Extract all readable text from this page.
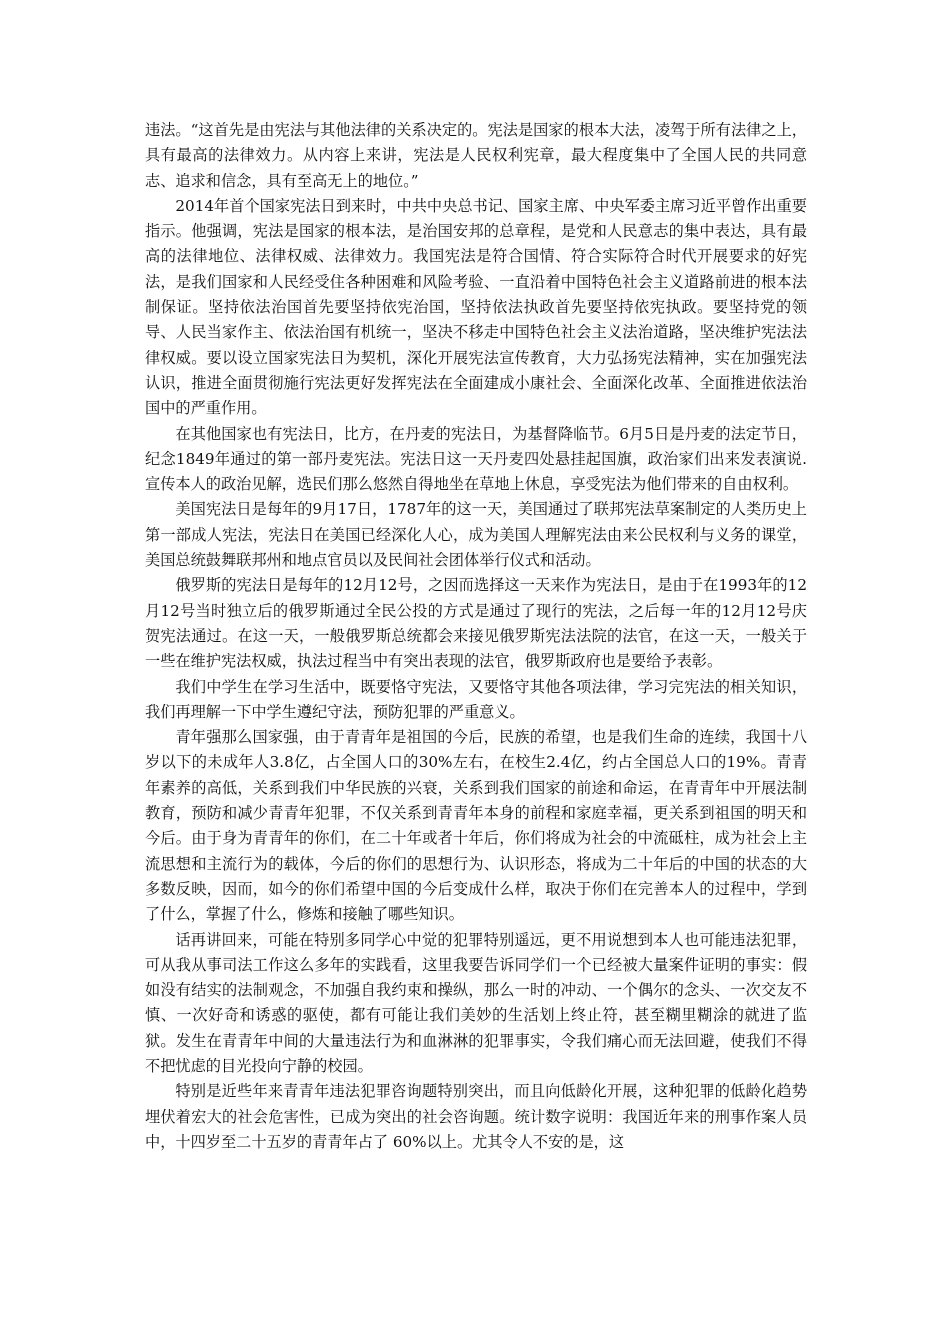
违法。“这首先是由宪法与其他法律的关系决定的。宪法是国家的根本大法，凌驾于所有法律之上，具有最高的法律效力。从内容上来讲，宪法是人民权利宪章，最大程度集中了全国人民的共同意志、追求和信念，具有至高无上的地位。”

2014年首个国家宪法日到来时，中共中央总书记、国家主席、中央军委主席习近平曾作出重要指示。他强调，宪法是国家的根本法，是治国安邦的总章程，是党和人民意志的集中表达，具有最高的法律地位、法律权威、法律效力。我国宪法是符合国情、符合实际符合时代开展要求的好宪法，是我们国家和人民经受住各种困难和风险考验、一直沿着中国特色社会主义道路前进的根本法制保证。坚持依法治国首先要坚持依宪治国，坚持依法执政首先要坚持依宪执政。要坚持党的领导、人民当家作主、依法治国有机统一，坚决不移走中国特色社会主义法治道路，坚决维护宪法法律权威。要以设立国家宪法日为契机，深化开展宪法宣传教育，大力弘扬宪法精神，实在加强宪法认识，推进全面贯彻施行宪法更好发挥宪法在全面建成小康社会、全面深化改革、全面推进依法治国中的严重作用。

在其他国家也有宪法日，比方，在丹麦的宪法日，为基督降临节。6月5日是丹麦的法定节日，纪念1849年通过的第一部丹麦宪法。宪法日这一天丹麦四处悬挂起国旗，政治家们出来发表演说.宣传本人的政治见解，选民们那么悠然自得地坐在草地上休息，享受宪法为他们带来的自由权利。

美国宪法日是每年的9月17日，1787年的这一天，美国通过了联邦宪法草案制定的人类历史上第一部成人宪法，宪法日在美国已经深化人心，成为美国人理解宪法由来公民权利与义务的课堂，美国总统鼓舞联邦州和地点官员以及民间社会团体举行仪式和活动。

俄罗斯的宪法日是每年的12月12号，之因而选择这一天来作为宪法日，是由于在1993年的12月12号当时独立后的俄罗斯通过全民公投的方式是通过了现行的宪法，之后每一年的12月12号庆贺宪法通过。在这一天，一般俄罗斯总统都会来接见俄罗斯宪法法院的法官，在这一天，一般关于一些在维护宪法权威，执法过程当中有突出表现的法官，俄罗斯政府也是要给予表彰。

我们中学生在学习生活中，既要恪守宪法，又要恪守其他各项法律，学习完宪法的相关知识，我们再理解一下中学生遵纪守法，预防犯罪的严重意义。

青年强那么国家强，由于青青年是祖国的今后，民族的希望，也是我们生命的连续，我国十八岁以下的未成年人3.8亿，占全国人口的30%左右，在校生2.4亿，约占全国总人口的19%。青青年素养的高低，关系到我们中华民族的兴衰，关系到我们国家的前途和命运，在青青年中开展法制教育，预防和减少青青年犯罪，不仅关系到青青年本身的前程和家庭幸福，更关系到祖国的明天和今后。由于身为青青年的你们，在二十年或者十年后，你们将成为社会的中流砥柱，成为社会上主流思想和主流行为的载体，今后的你们的思想行为、认识形态，将成为二十年后的中国的状态的大多数反映，因而，如今的你们希望中国的今后变成什么样，取决于你们在完善本人的过程中，学到了什么，掌握了什么，修炼和接触了哪些知识。

话再讲回来，可能在特别多同学心中觉的犯罪特别遥远，更不用说想到本人也可能违法犯罪，可从我从事司法工作这么多年的实践看，这里我要告诉同学们一个已经被大量案件证明的事实：假如没有结实的法制观念，不加强自我约束和操纵，那么一时的冲动、一个偶尔的念头、一次交友不慎、一次好奇和诱惑的驱使，都有可能让我们美妙的生活划上终止符，甚至糊里糊涂的就进了监狱。发生在青青年中间的大量违法行为和血淋淋的犯罪事实，令我们痛心而无法回避，使我们不得不把忧虑的目光投向宁静的校园。

特别是近些年来青青年违法犯罪咨询题特别突出，而且向低龄化开展，这种犯罪的低龄化趋势埋伏着宏大的社会危害性，已成为突出的社会咨询题。统计数字说明：我国近年来的刑事作案人员中，十四岁至二十五岁的青青年占了 60%以上。尤其令人不安的是，这
